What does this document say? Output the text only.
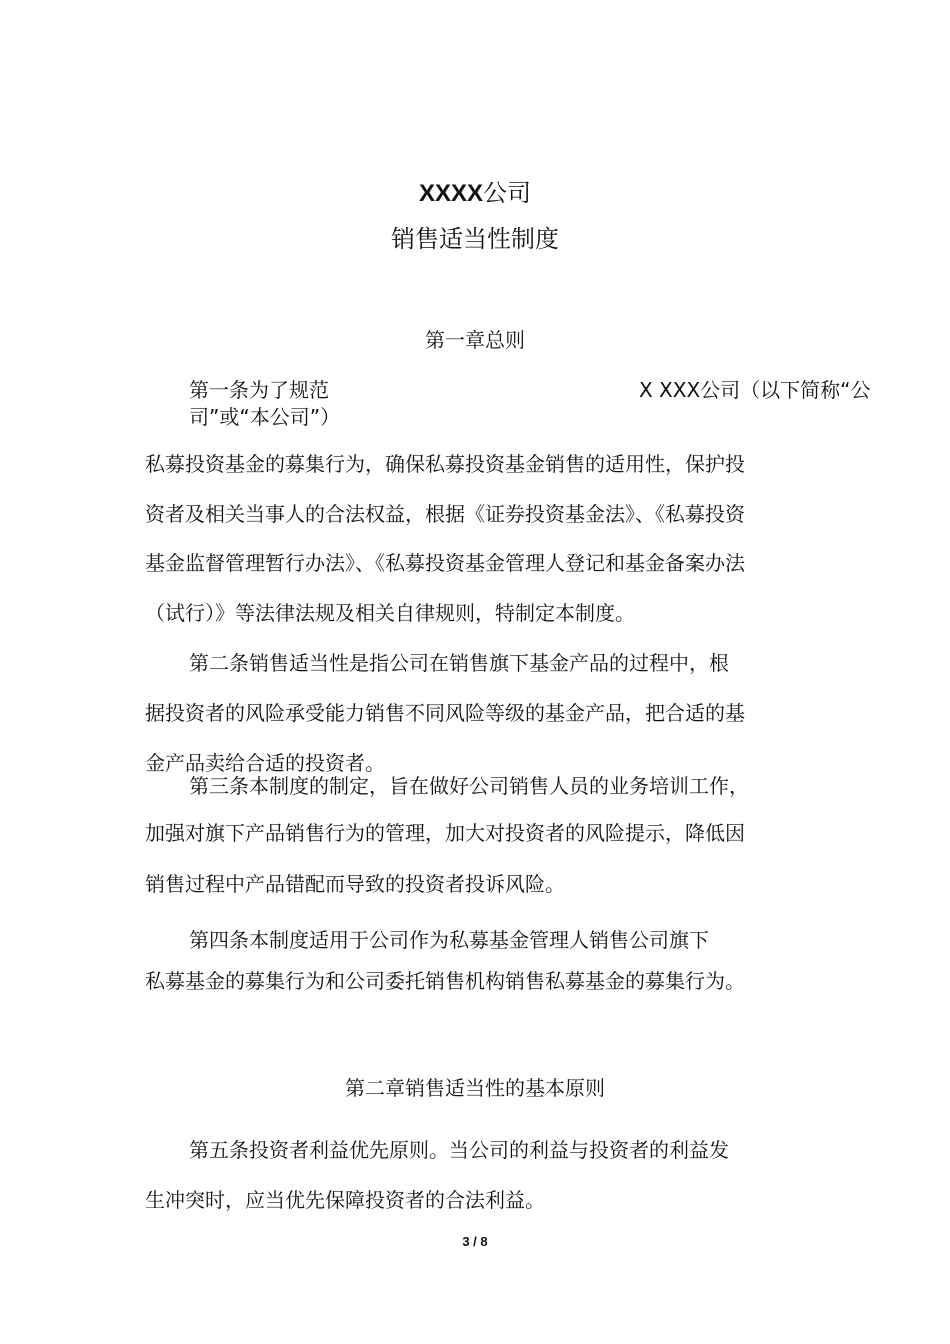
XXXX公司
销售适当性制度
第一章总则
第一条为了规范	X XXX公司（以下简称“公
司”或“本公司”）
私募投资基金的募集行为，确保私募投资基金销售的适用性，保护投
资者及相关当事人的合法权益，根据《证券投资基金法》、《私募投资
基金监督管理暂行办法》、《私募投资基金管理人登记和基金备案办法
（试行）》等法律法规及相关自律规则，特制定本制度。
第二条销售适当性是指公司在销售旗下基金产品的过程中，根
据投资者的风险承受能力销售不同风险等级的基金产品，把合适的基
金产品卖给合适的投资者。
第三条本制度的制定，旨在做好公司销售人员的业务培训工作，
加强对旗下产品销售行为的管理，加大对投资者的风险提示，降低因
销售过程中产品错配而导致的投资者投诉风险。
第四条本制度适用于公司作为私募基金管理人销售公司旗下
私募基金的募集行为和公司委托销售机构销售私募基金的募集行为。
第二章销售适当性的基本原则
第五条投资者利益优先原则。当公司的利益与投资者的利益发
生冲突时，应当优先保障投资者的合法利益。
3 / 8
